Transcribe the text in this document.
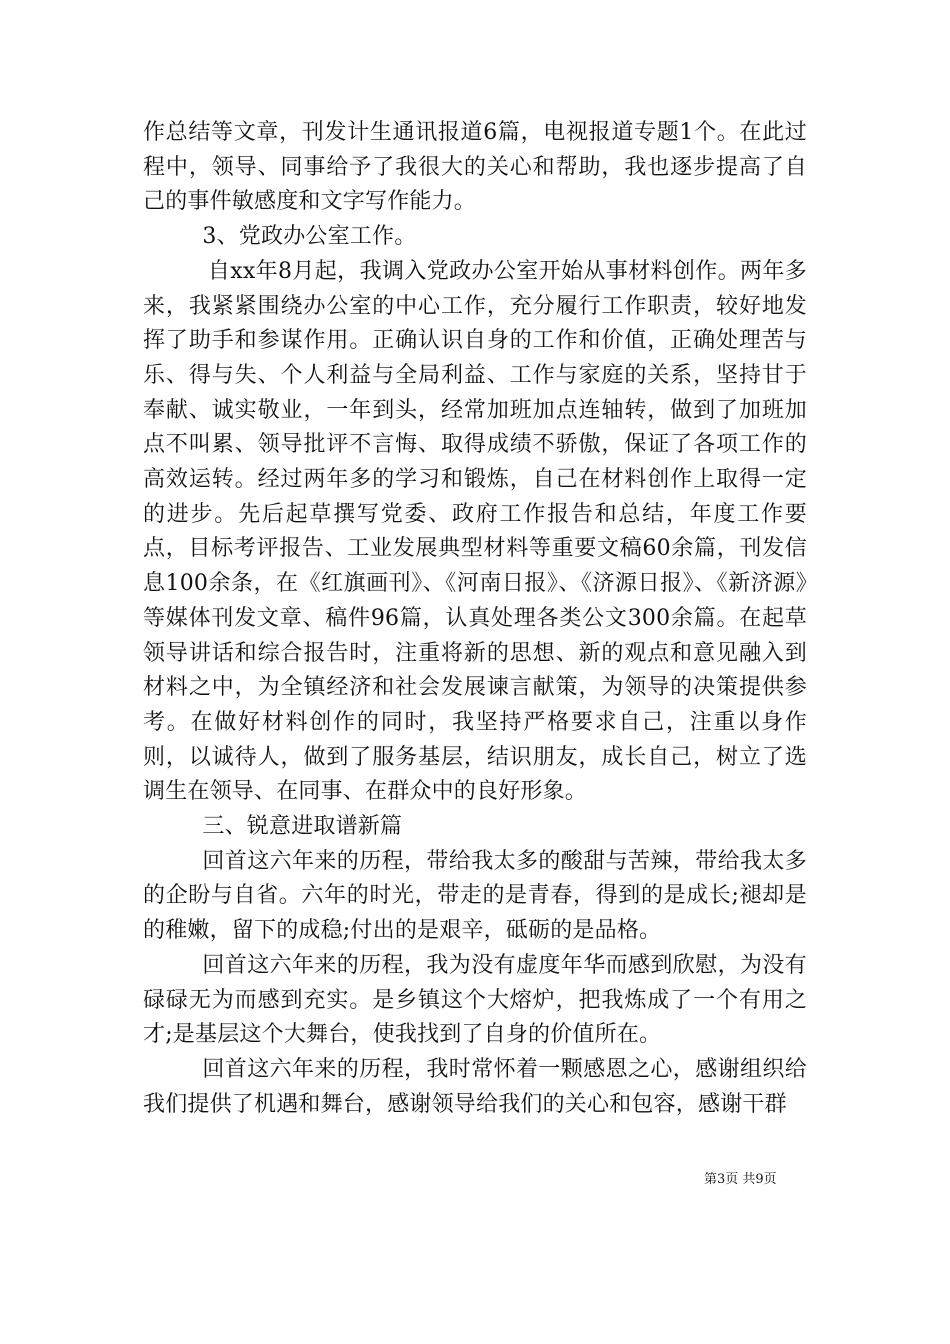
作总结等文章，刊发计生通讯报道6篇，电视报道专题1个。在此过程中，领导、同事给予了我很大的关心和帮助，我也逐步提高了自己的事件敏感度和文字写作能力。

3、党政办公室工作。

自xx年8月起，我调入党政办公室开始从事材料创作。两年多来，我紧紧围绕办公室的中心工作，充分履行工作职责，较好地发挥了助手和参谋作用。正确认识自身的工作和价值，正确处理苦与乐、得与失、个人利益与全局利益、工作与家庭的关系，坚持甘于奉献、诚实敬业，一年到头，经常加班加点连轴转，做到了加班加点不叫累、领导批评不言悔、取得成绩不骄傲，保证了各项工作的高效运转。经过两年多的学习和锻炼，自己在材料创作上取得一定的进步。先后起草撰写党委、政府工作报告和总结，年度工作要点，目标考评报告、工业发展典型材料等重要文稿60余篇，刊发信息100余条，在《红旗画刊》、《河南日报》、《济源日报》、《新济源》等媒体刊发文章、稿件96篇，认真处理各类公文300余篇。在起草领导讲话和综合报告时，注重将新的思想、新的观点和意见融入到材料之中，为全镇经济和社会发展谏言献策，为领导的决策提供参考。在做好材料创作的同时，我坚持严格要求自己，注重以身作则，以诚待人，做到了服务基层，结识朋友，成长自己，树立了选调生在领导、在同事、在群众中的良好形象。

三、锐意进取谱新篇

回首这六年来的历程，带给我太多的酸甜与苦辣，带给我太多的企盼与自省。六年的时光，带走的是青春，得到的是成长;褪却是的稚嫩，留下的成稳;付出的是艰辛，砥砺的是品格。

回首这六年来的历程，我为没有虚度年华而感到欣慰，为没有碌碌无为而感到充实。是乡镇这个大熔炉，把我炼成了一个有用之才;是基层这个大舞台，使我找到了自身的价值所在。

回首这六年来的历程，我时常怀着一颗感恩之心，感谢组织给我们提供了机遇和舞台，感谢领导给我们的关心和包容，感谢干群

第3页 共9页
